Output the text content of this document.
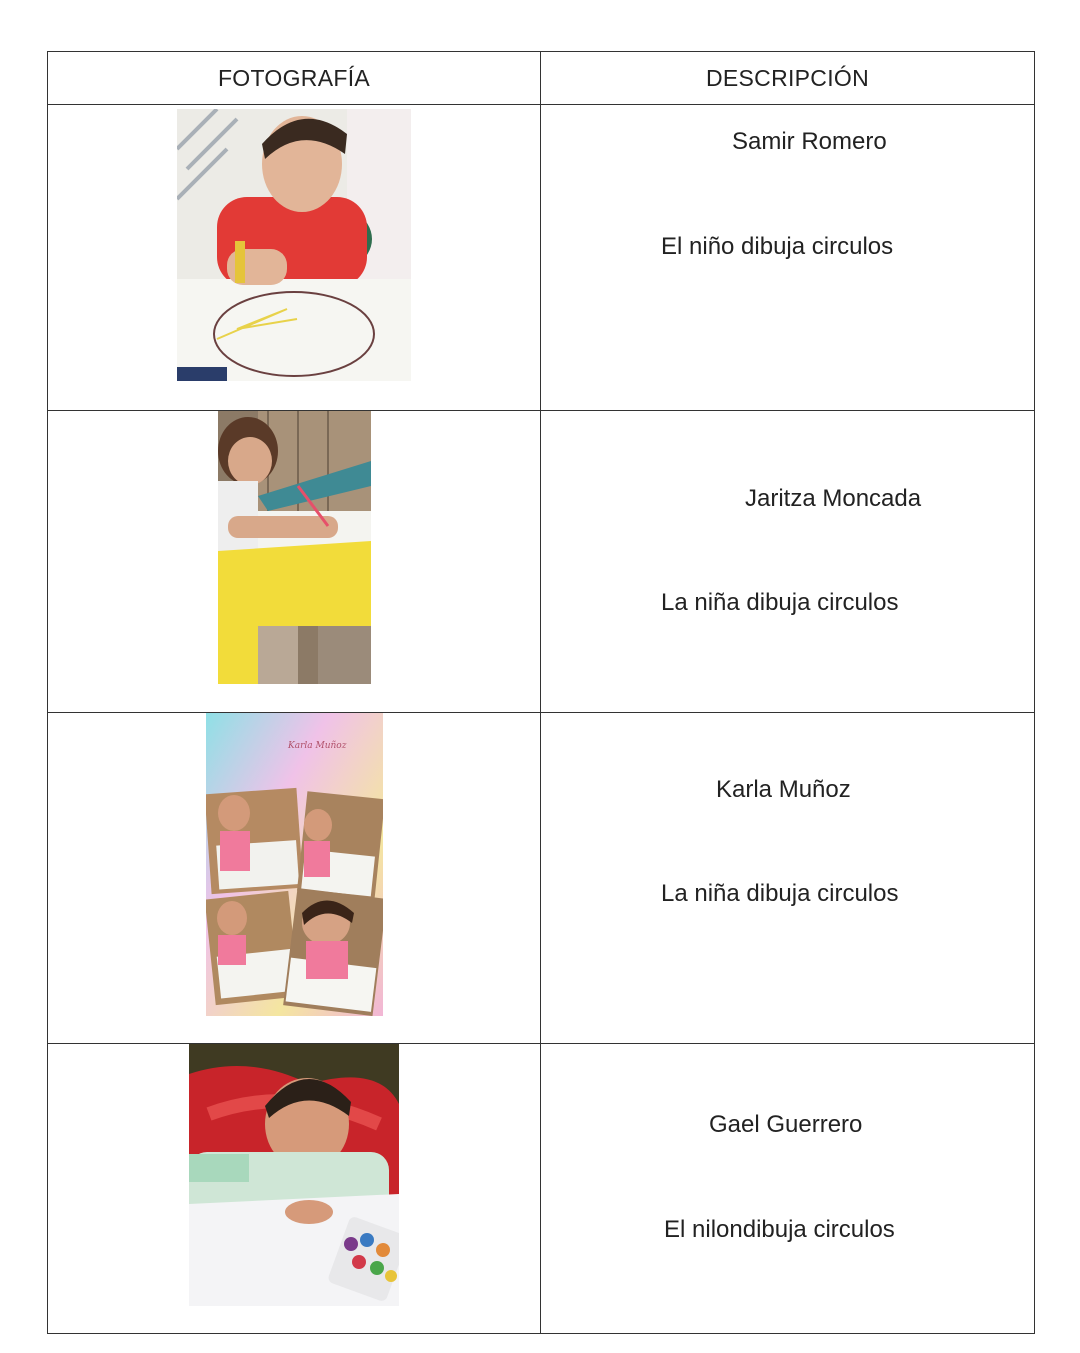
FOTOGRAFÍA	DESCRIPCIÓN

Samir Romero
El niño dibuja circulos

Jaritza Moncada
La niña dibuja circulos

Karla Muñoz	Karla Muñoz
La niña dibuja circulos

Gael Guerrero
El nilondibuja circulos
